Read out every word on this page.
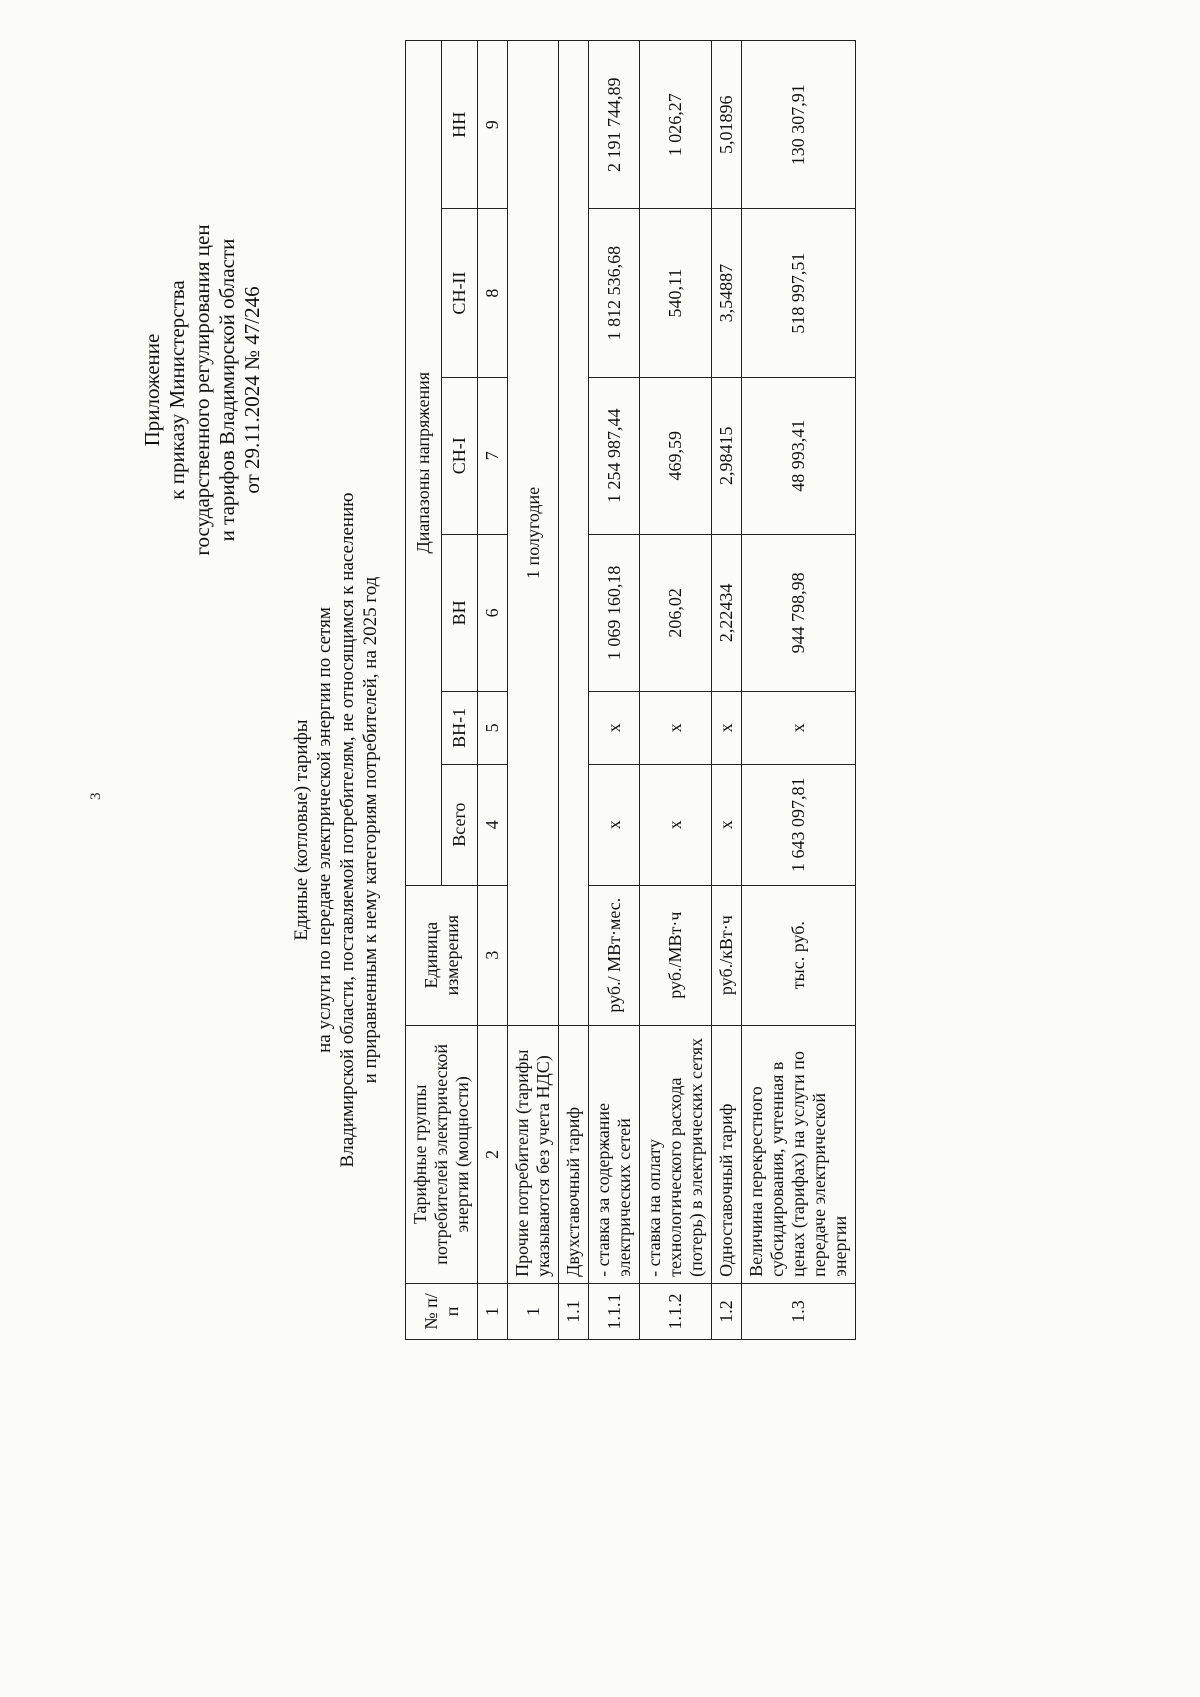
3
Приложение к приказу Министерства государственного регулирования цен и тарифов Владимирской области от 29.11.2024 № 47/246
Единые (котловые) тарифы на услуги по передаче электрической энергии по сетям Владимирской области, поставляемой потребителям, не относящимся к населению и приравненным к нему категориям потребителей, на 2025 год
№ п/п	Тарифные группы потребителей электрической энергии (мощности)	Единица измерения	Диапазоны напряжения					
			Всего	ВН-1	ВН	СН-I	СН-II	НН
1	2	3	4	5	6	7	8	9
1	Прочие потребители (тарифы указываются без учета НДС)	1 полугодие						
1.1	Двухставочный тариф							
1.1.1	- ставка за содержание электрических сетей	руб./ МВт·мес.	х	х	1 069 160,18	1 254 987,44	1 812 536,68	2 191 744,89
1.1.2	- ставка на оплату технологического расхода (потерь) в электрических сетях	руб./МВт·ч	х	х	206,02	469,59	540,11	1 026,27
1.2	Одноставочный тариф	руб./кВт·ч	х	х	2,22434	2,98415	3,54887	5,01896
1.3	Величина перекрестного субсидирования, учтенная в ценах (тарифах) на услуги по передаче электрической энергии	тыс. руб.	1 643 097,81	х	944 798,98	48 993,41	518 997,51	130 307,91
